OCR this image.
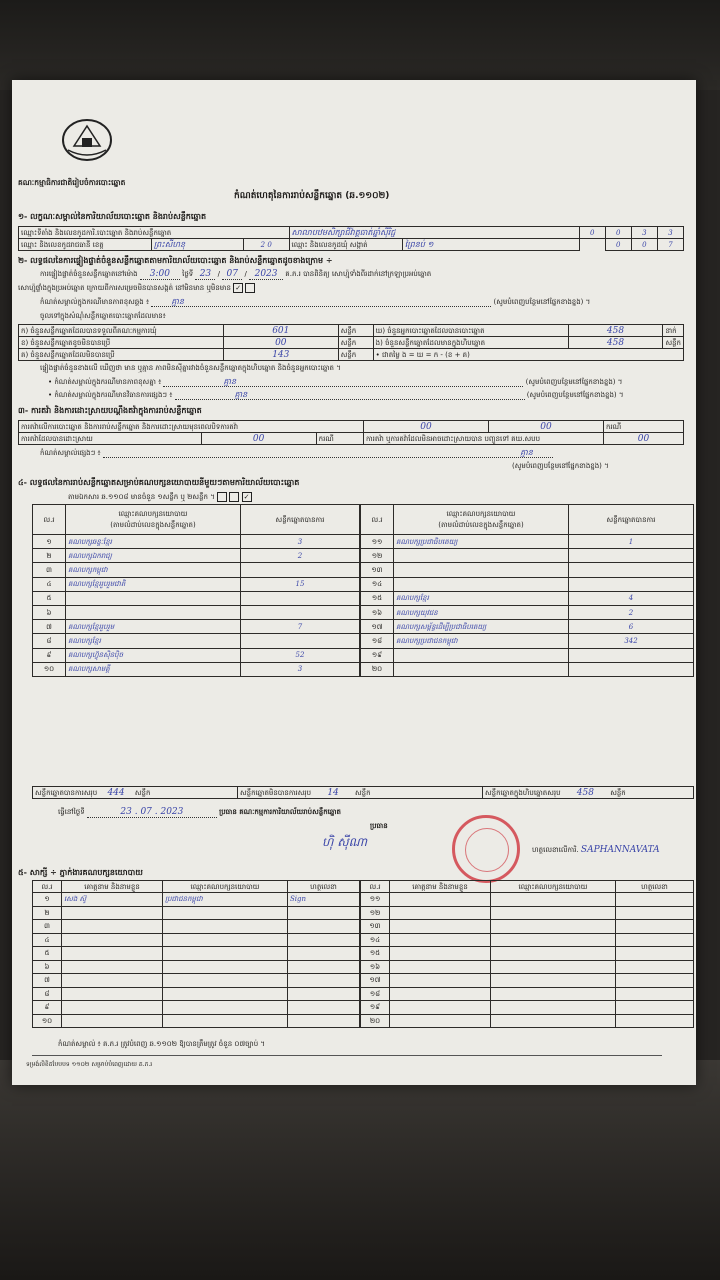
គណៈកម្មាធិការជាតិរៀបចំការបោះឆ្នោត
កំណត់ហេតុនៃការរាប់សន្លឹកឆ្នោត (ឆ.១១០២)
១- លក្ខណៈសម្គាល់នៃការិយាល័យបោះឆ្នោត និងរាប់សន្លឹកឆ្នោត
ឈ្មោះទីតាំង និងលេខកូដការិ.បោះឆ្នោត និងរាប់សន្លឹកឆ្នោត			សាលាបឋមសិក្សាជីវ៉ាត្តធាត់ឆ្នាំស៊ីរិជ្ជ		0	0	3	3
ឈ្មោះ និងលេខកូដរាជធានី ខេត្ត	ព្រះសីហនុ	2 0	ឈ្មោះ និងលេខកូដឃុំ សង្កាត់	ព្រៃនប់ ១		0	0	7
២- លទ្ធផលនៃការផ្ទៀងផ្ទាត់ចំនួនសន្លឹកឆ្នោតតាមការិយាល័យបោះឆ្នោត និងរាប់សន្លឹកឆ្នោតដូចខាងក្រោម ÷
ការផ្ទៀងផ្ទាត់ចំនួនសន្លឹកឆ្នោតនៅម៉ោង 3:00 ថ្ងៃទី 23 / 07 / 2023 គ.ភ.រ បានពិនិត្យ សោហ្ម៉ុទាំងពីរដាក់នៅក្រឡាប្រអប់ឆ្នោត
សោហ្ម៉ុផ្ទាំងក្នុងប្រអប់ឆ្នោត ក្រោយពីការសម្រេចមិនបានសង្កត់ នៅមិនមាន ឬមិនមាន ✓
កំណត់សម្គាល់ក្នុងករណីមានភាពខុសឆ្គង ៖	គ្មាន	(សូមបំពេញបន្ថែមនៅផ្នែកខាងខ្នង) ។
ចូលទៅក្នុងសំណុំសន្លឹកឆ្នោតបោះឆ្នោតដែលមាន៖
ក) ចំនួនសន្លឹកឆ្នោតដែលបានទទួលពីគណៈកម្មការឃុំ	601	សន្លឹក	ឃ) ចំនួនអ្នកបោះឆ្នោតដែលបានបោះឆ្នោត	458	នាក់
ខ) ចំនួនសន្លឹកឆ្នោតខូចមិនបានប្រើ	00	សន្លឹក	ង) ចំនួនសន្លឹកឆ្នោតដែលមានក្នុងហិបឆ្នោត	458	សន្លឹក
គ) ចំនួនសន្លឹកឆ្នោតដែលមិនបានប្រើ	143	សន្លឹក	• ជាតម្លៃ ង = ឃ = ក - (ខ + គ)		
ផ្ទៀងផ្ទាត់ចំនួនខាងលើ ឃើញថា មាន ឬគ្មាន ភាពមិនស៊ីគ្នារវាងចំនួនសន្លឹកឆ្នោតក្នុងហិបឆ្នោត និងចំនួនអ្នកបោះឆ្នោត ។
• កំណត់សម្គាល់ក្នុងករណីមានភាពខុសគ្នា ៖	គ្មាន	(សូមបំពេញបន្ថែមនៅផ្នែកខាងខ្នង) ។
• កំណត់សម្គាល់ក្នុងករណីមានវិធានការផ្សេងៗ ៖	គ្មាន	(សូមបំពេញបន្ថែមនៅផ្នែកខាងខ្នង) ។
៣- ការតវ៉ា និងការដោះស្រាយបណ្ដឹងតវ៉ាក្នុងការរាប់សន្លឹកឆ្នោត
ការតវ៉ាលើការបោះឆ្នោត និងការរាប់សន្លឹកឆ្នោត និងការដោះស្រាយមុនពេលបិទការតវ៉ា			00	00	ករណី
ការតវ៉ាដែលបានដោះស្រាយ	00	ករណី	ការតវ៉ា ឬការតវ៉ាដែលមិនអាចដោះស្រាយបាន បញ្ជូនទៅ គឃ.សបប		00
កំណត់សម្គាល់ផ្សេងៗ ៖	គ្មាន
(សូមបំពេញបន្ថែមនៅផ្នែកខាងខ្នង) ។
៤- លទ្ធផលនៃការរាប់សន្លឹកឆ្នោតសម្រាប់គណបក្សនយោបាយនីមួយៗតាមការិយាល័យបោះឆ្នោត
តាមឯកសារ ឆ.១១០៨ មានចំនួន ១សន្លឹក ឬ ២សន្លឹក ។	✓
ល.រ	ឈ្មោះគណបក្សនយោបាយ
(តាមលំដាប់លេខក្នុងសន្លឹកឆ្នោត)	សន្លឹកឆ្នោតបានការ
១	គណបក្សឆន្ទៈខ្មែរ	3
២	គណបក្សឯករាជ្យ	2
៣	គណបក្សកម្ពុជា	
៤	គណបក្សខ្មែររួបរួមជាតិ	15
៥		
៦		
៧	គណបក្សខ្មែររួបរួម	7
៨	គណបក្សខ្មែរ	
៩	គណបក្សហ៊្វុនស៊ិនប៉ិច	52
១០	គណបក្សសាមគ្គី	3
ល.រ	ឈ្មោះគណបក្សនយោបាយ
(តាមលំដាប់លេខក្នុងសន្លឹកឆ្នោត)	សន្លឹកឆ្នោតបានការ
១១	គណបក្សប្រជាធិបតេយ្យ	1
១២		
១៣		
១៤		
១៥	គណបក្សខ្មែរ	4
១៦	គណបក្សយុវជន	2
១៧	គណបក្សសម្ព័ន្ធដើម្បីប្រជាធិបតេយ្យ	6
១៨	គណបក្សប្រជាជនកម្ពុជា	342
១៩		
២០		
សន្លឹកឆ្នោតបានការសរុប 444 សន្លឹក	សន្លឹកឆ្នោតមិនបានការសរុប 14 សន្លឹក	សន្លឹកឆ្នោតក្នុងហិបឆ្នោតសរុប 458 សន្លឹក
ធ្វើនៅថ្ងៃទី	23 . 07 . 2023	ប្រធាន គណៈកម្មការការិយាល័យរាប់សន្លឹកឆ្នោត
ប្រធាន
ហ៊ិ ស៊ីណា
ហត្ថលេខាលើការិ. SAPHANNAVATA
៥- សាក្សី ÷ ភ្នាក់ងារគណបក្សនយោបាយ
ល.រ	គោត្តនាម និងនាមខ្លួន	ឈ្មោះគណបក្សនយោបាយ	ហត្ថលេខា
១	សេង ស៊ូ	ប្រជាជនកម្ពុជា	Sign
២			
៣			
៤			
៥			
៦			
៧			
៨			
៩			
១០			
ល.រ	គោត្តនាម និងនាមខ្លួន	ឈ្មោះគណបក្សនយោបាយ	ហត្ថលេខា
១១			
១២			
១៣			
១៤			
១៥			
១៦			
១៧			
១៨			
១៩			
២០			
កំណត់សម្គាល់ ៖ គ.ភ.រ ត្រូវបំពេញ ឆ.១១០២ ឱ្យបានត្រឹមត្រូវ ចំនួន ០៧ច្បាប់ ។
ទម្រង់លិខិតបែបបទ ១១០២ សម្រាប់បំពេញដោយ គ.ភ.រ
